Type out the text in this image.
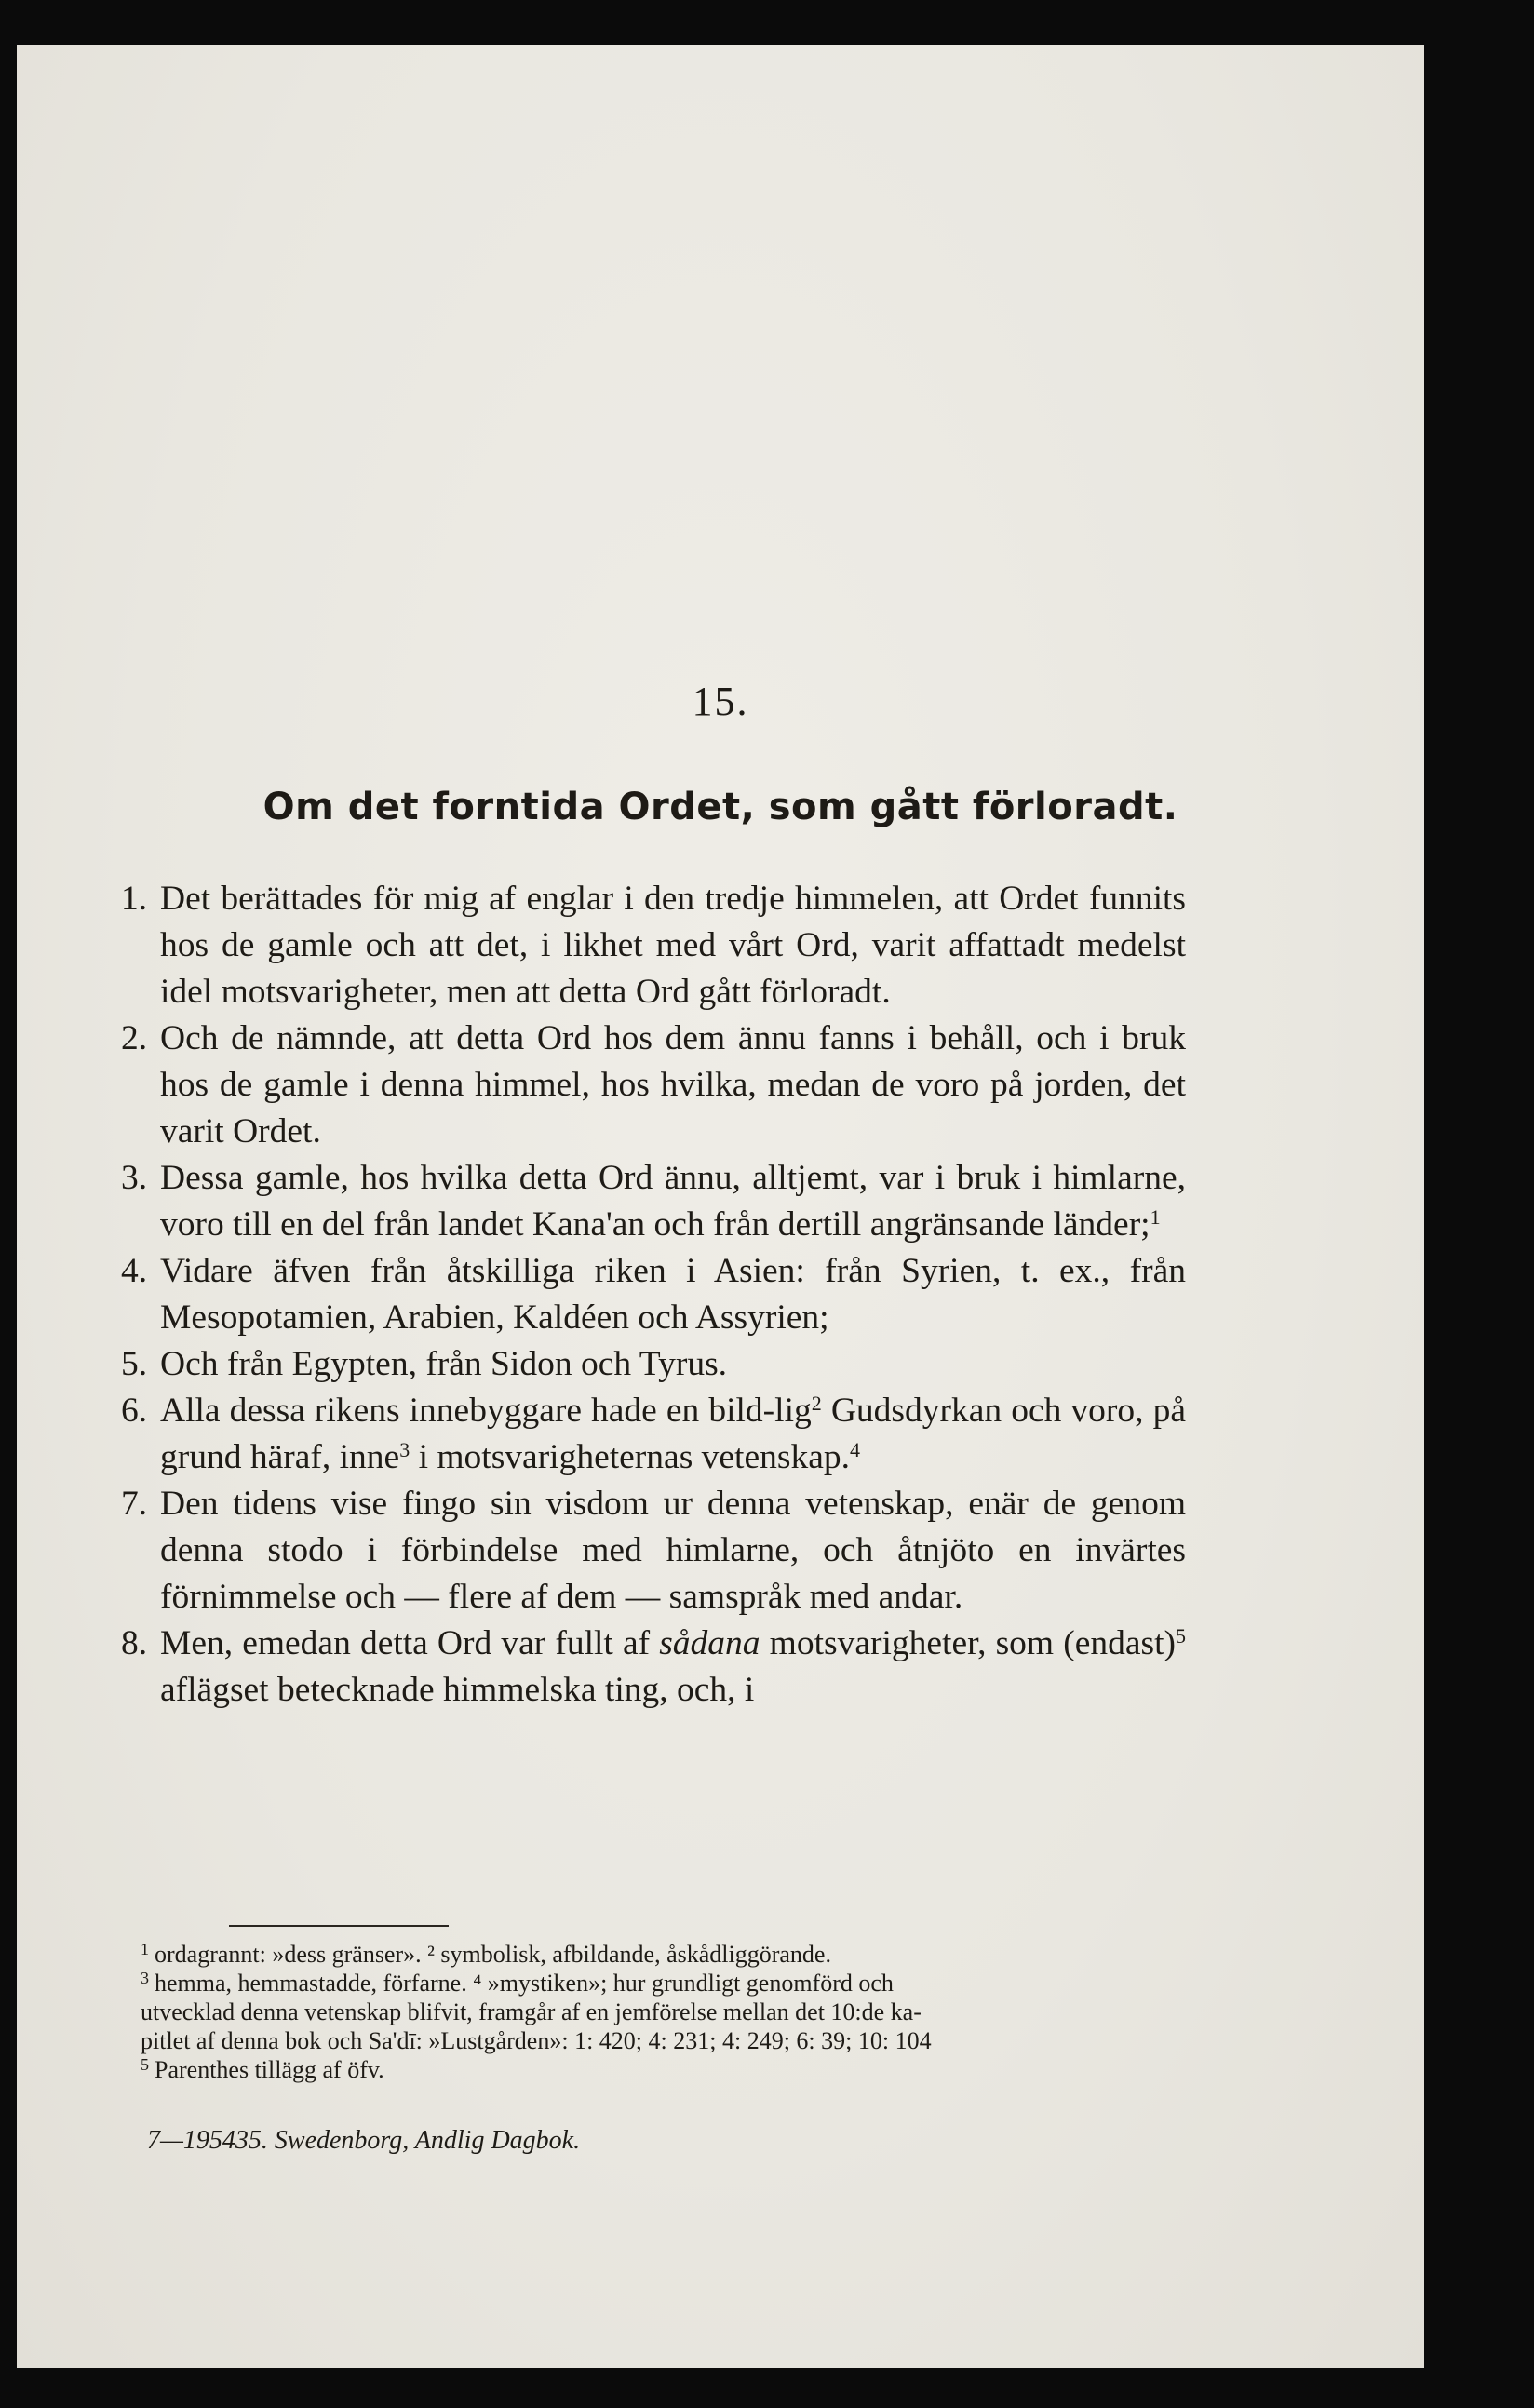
15.
Om det forntida Ordet, som gått förloradt.

1. Det berättades för mig af englar i den tredje himmelen, att Ordet funnits hos de gamle och att det, i likhet med vårt Ord, varit affattadt medelst idel motsvarigheter, men att detta Ord gått förloradt.

2. Och de nämnde, att detta Ord hos dem ännu fanns i behåll, och i bruk hos de gamle i denna himmel, hos hvilka, medan de voro på jorden, det varit Ordet.

3. Dessa gamle, hos hvilka detta Ord ännu, alltjemt, var i bruk i himlarne, voro till en del från landet Kana'an och från dertill angränsande länder;$^1$

4. Vidare äfven från åtskilliga riken i Asien: från Syrien, t. ex., från Mesopotamien, Arabien, Kaldéen och Assyrien;

5. Och från Egypten, från Sidon och Tyrus.

6. Alla dessa rikens innebyggare hade en bild-lig$^2$ Gudsdyrkan och voro, på grund häraf, inne$^3$ i motsvarigheternas vetenskap.$^4$

7. Den tidens vise fingo sin visdom ur denna vetenskap, enär de genom denna stodo i förbindelse med himlarne, och åtnjöto en invärtes förnimmelse och — flere af dem — samspråk med andar.

8. Men, emedan detta Ord var fullt af sådana motsvarigheter, som (endast)$^5$ aflägset betecknade himmelska ting, och, i

$^1$ ordagrannt: »dess gränser». ² symbolisk, afbildande, åskådliggörande.

$^3$ hemma, hemmastadde, förfarne. ⁴ »mystiken»; hur grundligt genomförd och

utvecklad denna vetenskap blifvit, framgår af en jemförelse mellan det 10:de ka-

pitlet af denna bok och Sa'dī: »Lustgården»: 1: 420; 4: 231; 4: 249; 6: 39; 10: 104

$^5$ Parenthes tillägg af öfv.

7—195435. Swedenborg, Andlig Dagbok.
